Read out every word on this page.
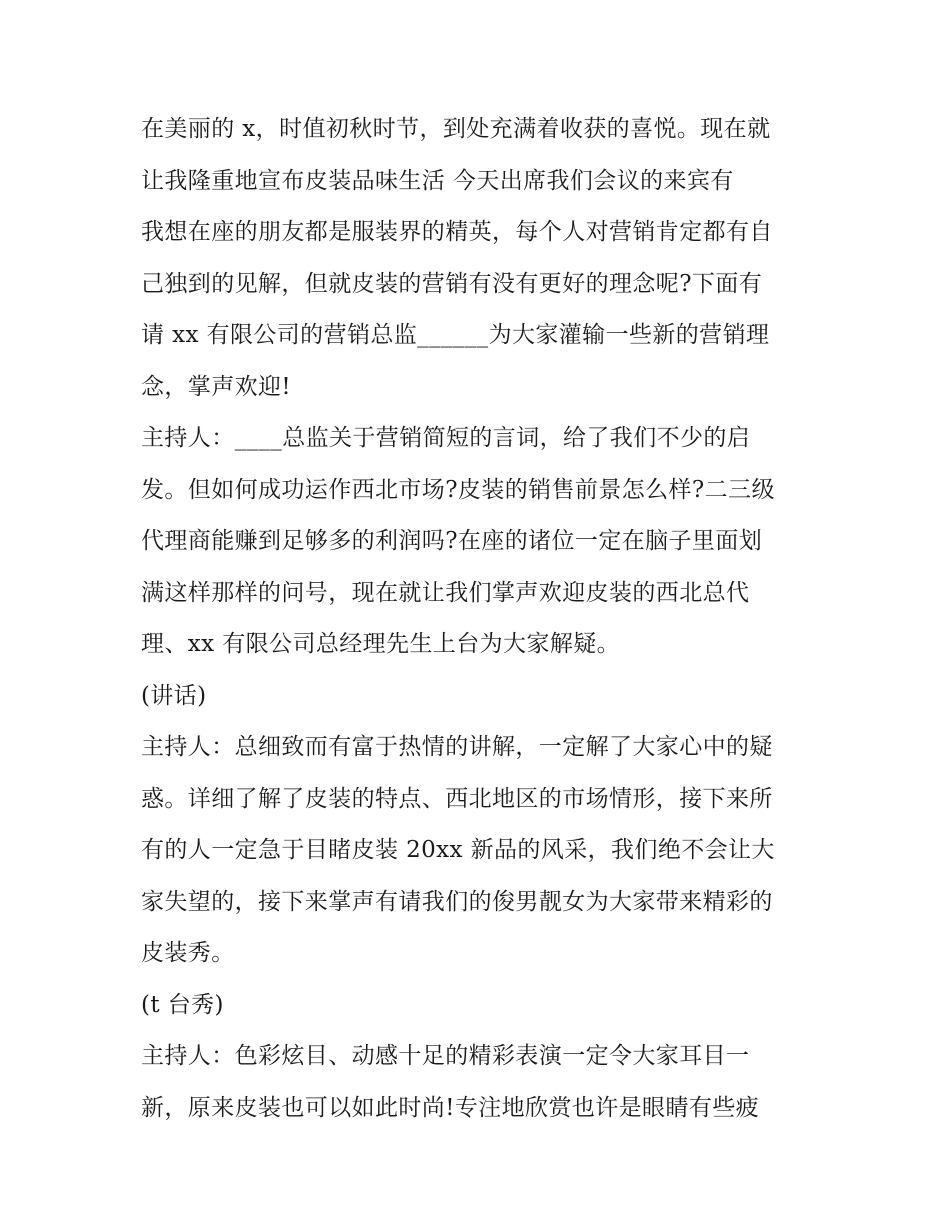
在美丽的 x，时值初秋时节，到处充满着收获的喜悦。现在就
让我隆重地宣布皮装品味生活 今天出席我们会议的来宾有
我想在座的朋友都是服装界的精英，每个人对营销肯定都有自
己独到的见解，但就皮装的营销有没有更好的理念呢?下面有
请 xx 有限公司的营销总监______为大家灌输一些新的营销理
念，掌声欢迎!
主持人：____总监关于营销简短的言词，给了我们不少的启
发。但如何成功运作西北市场?皮装的销售前景怎么样?二三级
代理商能赚到足够多的利润吗?在座的诸位一定在脑子里面划
满这样那样的问号，现在就让我们掌声欢迎皮装的西北总代
理、xx 有限公司总经理先生上台为大家解疑。
(讲话)
主持人：总细致而有富于热情的讲解，一定解了大家心中的疑
惑。详细了解了皮装的特点、西北地区的市场情形，接下来所
有的人一定急于目睹皮装 20xx 新品的风采，我们绝不会让大
家失望的，接下来掌声有请我们的俊男靓女为大家带来精彩的
皮装秀。
(t 台秀)
主持人：色彩炫目、动感十足的精彩表演一定令大家耳目一
新，原来皮装也可以如此时尚!专注地欣赏也许是眼睛有些疲
